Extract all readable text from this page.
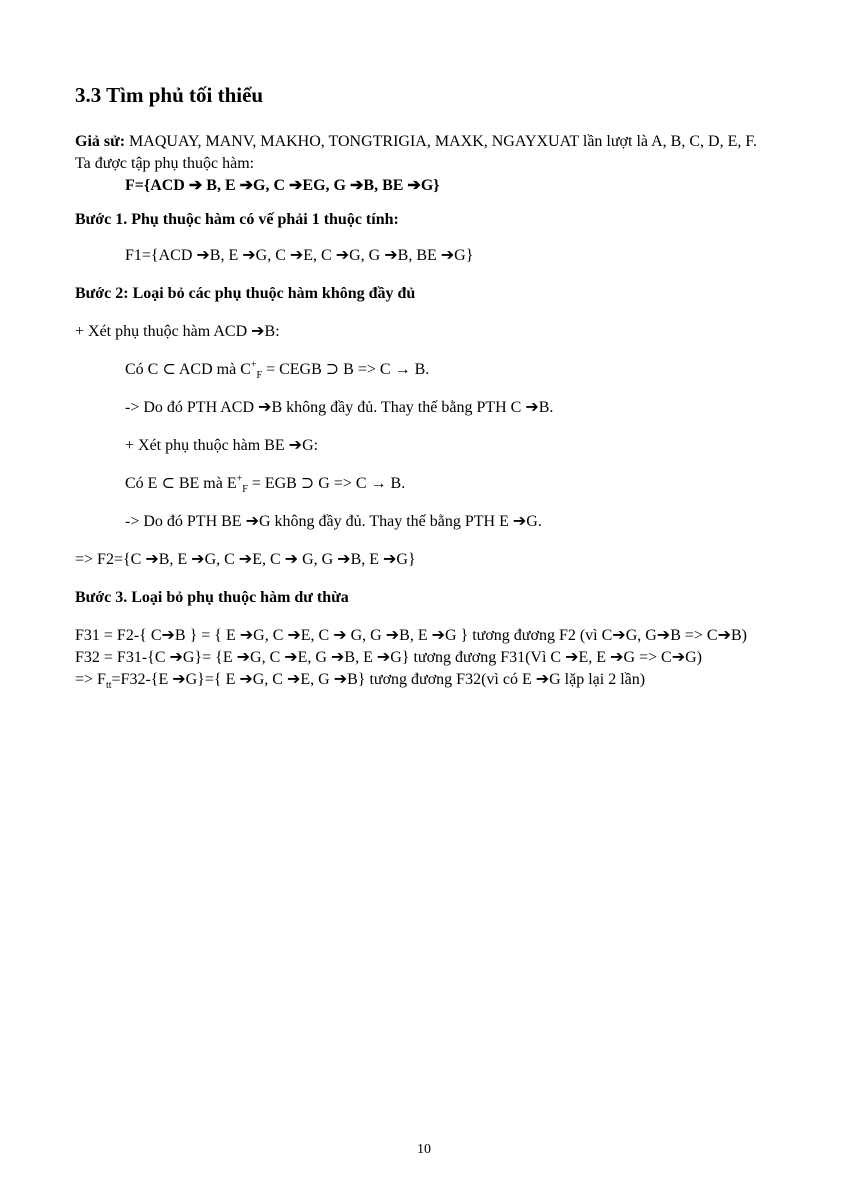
3.3 Tìm phủ tối thiểu

Giả sử: MAQUAY, MANV, MAKHO, TONGTRIGIA, MAXK, NGAYXUAT lần lượt là A, B, C, D, E, F. Ta được tập phụ thuộc hàm:

F={ACD ➔ B, E ➔G, C ➔EG, G ➔B, BE ➔G}

Bước 1. Phụ thuộc hàm có vế phải 1 thuộc tính:

F1={ACD ➔B, E ➔G, C ➔E, C ➔G, G ➔B, BE ➔G}

Bước 2: Loại bỏ các phụ thuộc hàm không đầy đủ

+ Xét phụ thuộc hàm ACD ➔B:

Có C ⊂ ACD mà $C^+_F$ = CEGB ⊃ B => C → B.

-> Do đó PTH ACD ➔B không đầy đủ. Thay thế bằng PTH C ➔B.

+ Xét phụ thuộc hàm BE ➔G:

Có E ⊂ BE mà $E^+_F$ = EGB ⊃ G => C → B.

-> Do đó PTH BE ➔G không đầy đủ. Thay thế bằng PTH E ➔G.

=> F2={C ➔B, E ➔G, C ➔E, C ➔ G, G ➔B, E ➔G}

Bước 3. Loại bỏ phụ thuộc hàm dư thừa

F31 = F2-{ C➔B } = { E ➔G, C ➔E, C ➔ G, G ➔B, E ➔G } tương đương F2 (vì C➔G, G➔B => C➔B)

F32 = F31-{C ➔G}= {E ➔G, C ➔E, G ➔B, E ➔G} tương đương F31(Vì C ➔E, E ➔G => C➔G)

=> $F_{tt}=F32-\{E$ ➔G}={ E ➔G, C ➔E, G ➔B} tương đương F32(vì có E ➔G lặp lại 2 lần)

10
